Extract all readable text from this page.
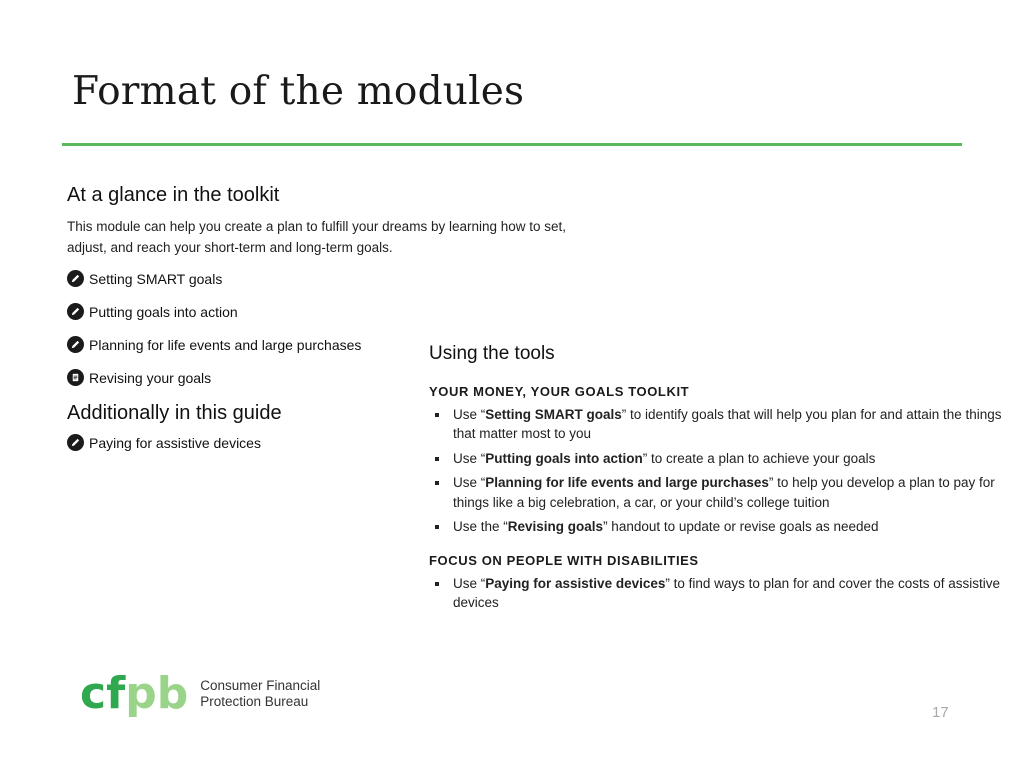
Format of the modules
At a glance in the toolkit

This module can help you create a plan to fulfill your dreams by learning how to set,
adjust, and reach your short-term and long-term goals.

Setting SMART goals
Putting goals into action
Planning for life events and large purchases
Revising your goals
Additionally in this guide
Paying for assistive devices
Using the tools
YOUR MONEY, YOUR GOALS TOOLKIT
Use “Setting SMART goals” to identify goals that will help you plan for and attain the things that matter most to you
Use “Putting goals into action” to create a plan to achieve your goals
Use “Planning for life events and large purchases” to help you develop a plan to pay for things like a big celebration, a car, or your child’s college tuition
Use the “Revising goals” handout to update or revise goals as needed
FOCUS ON PEOPLE WITH DISABILITIES
Use “Paying for assistive devices” to find ways to plan for and cover the costs of assistive devices
c f p b Consumer Financial
Protection Bureau
17
